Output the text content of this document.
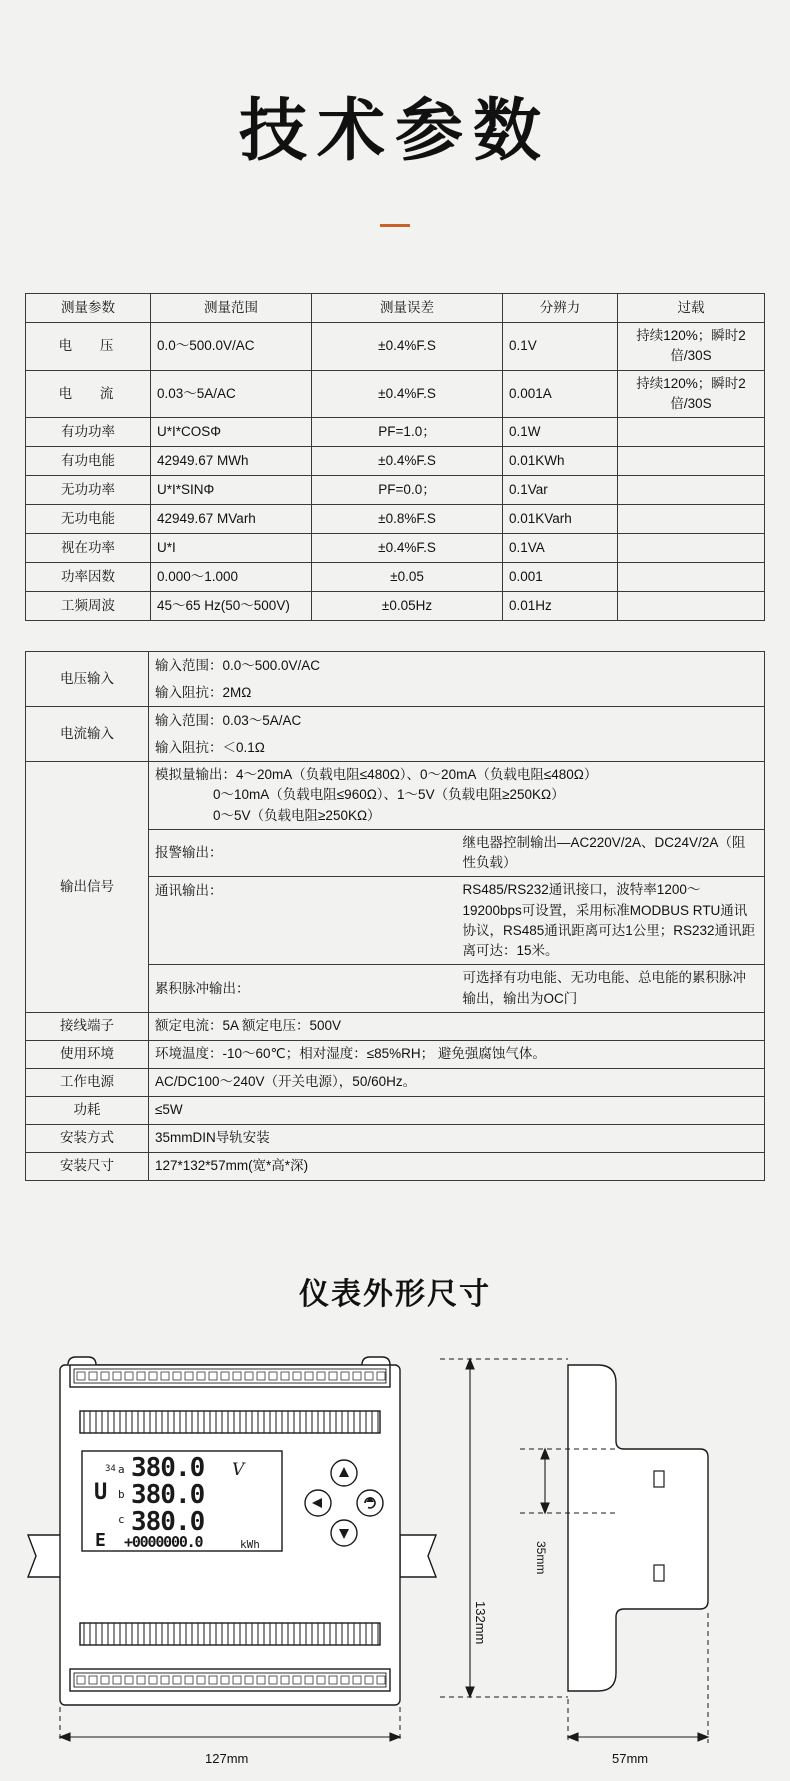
技术参数
测量参数	测量范围	测量误差	分辨力	过载
电 压	0.0～500.0V/AC	±0.4%F.S	0.1V	持续120%；瞬时2倍/30S
电 流	0.03～5A/AC	±0.4%F.S	0.001A	持续120%；瞬时2倍/30S
有功功率	U*I*COSΦ	PF=1.0；	0.1W	
有功电能	42949.67 MWh	±0.4%F.S	0.01KWh	
无功功率	U*I*SINΦ	PF=0.0；	0.1Var	
无功电能	42949.67 MVarh	±0.8%F.S	0.01KVarh	
视在功率	U*I	±0.4%F.S	0.1VA	
功率因数	0.000～1.000	±0.05	0.001	
工频周波	45～65 Hz(50～500V)	±0.05Hz	0.01Hz	
电压输入	输入范围：0.0～500.0V/AC	
	输入阻抗：2MΩ	
电流输入	输入范围：0.03～5A/AC	
	输入阻抗：＜0.1Ω	
输出信号	模拟量输出：4～20mA（负载电阻≤480Ω）、0～20mA（负载电阻≤480Ω）
0～10mA（负载电阻≤960Ω）、1～5V（负载电阻≥250KΩ）
0～5V（负载电阻≥250KΩ）	

	报警输出：	继电器控制输出—AC220V/2A、DC24V/2A（阻性负载）
	通讯输出：	RS485/RS232通讯接口，波特率1200～19200bps可设置，采用标准MODBUS RTU通讯
协议，RS485通讯距离可达1公里；RS232通讯距离可达：15米。

	累积脉冲输出：	可选择有功电能、无功电能、总电能的累积脉冲输出，输出为OC门
接线端子	额定电流：5A 额定电压：500V	
使用环境	环境温度：-10～60℃；相对湿度：≤85%RH； 避免强腐蚀气体。	
工作电源	AC/DC100～240V（开关电源），50/60Hz。	
功耗	≤5W	
安装方式	35mmDIN导轨安装	
安装尺寸	127*132*57mm(宽*高*深)	
仪表外形尺寸
34 a
b
c
U
E
380.0
380.0
380.0
V
+0000000.0	kWh
127mm	57mm
132mm
35mm
